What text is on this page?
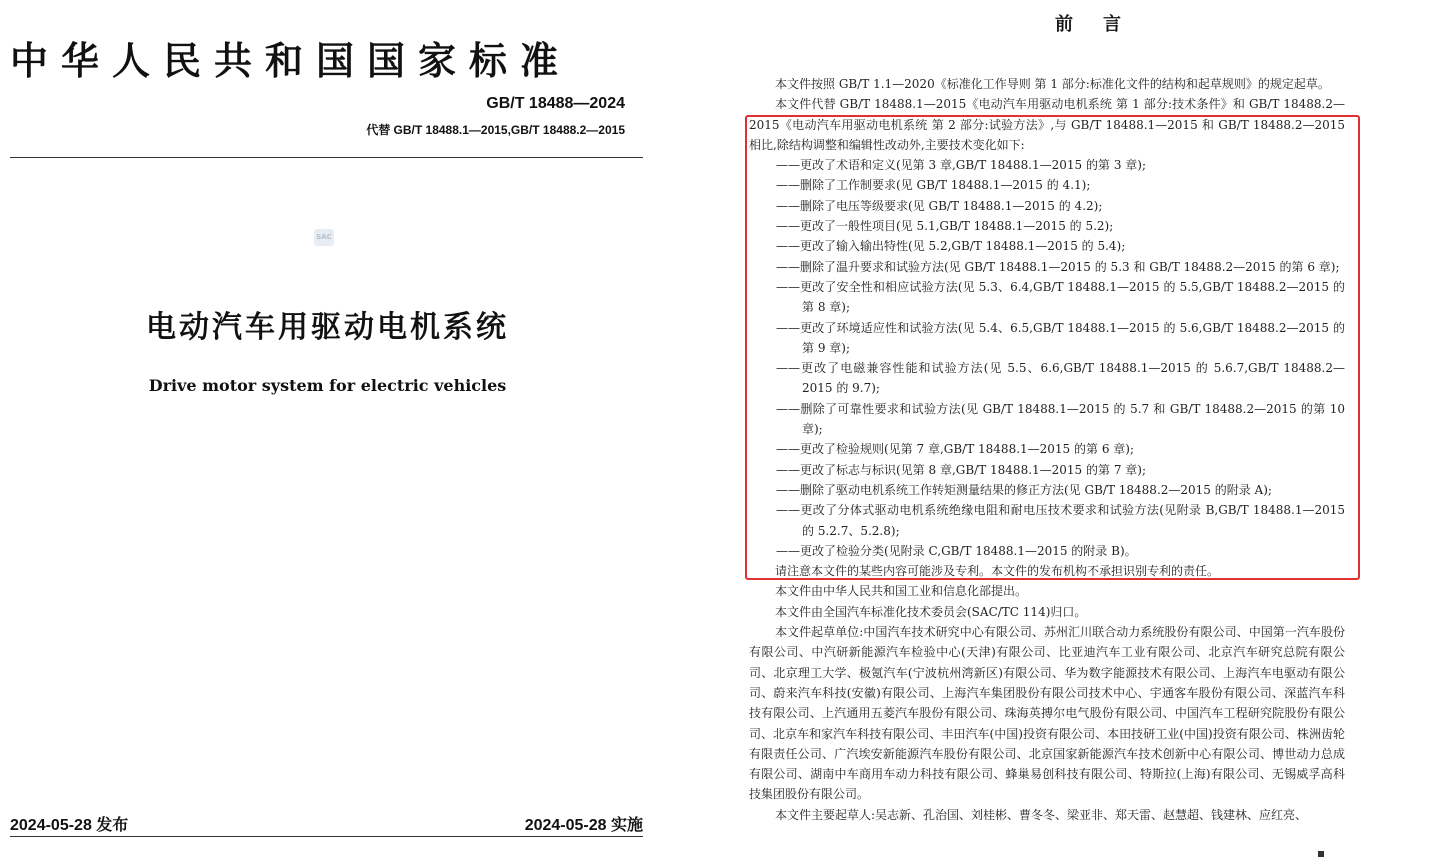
中华人民共和国国家标准

GB/T 18488—2024

代替 GB/T 18488.1—2015,GB/T 18488.2—2015

SAC
电动汽车用驱动电机系统
Drive motor system for electric vehicles

2024-05-28 发布	2024-05-28 实施

前言

本文件按照 GB/T 1.1—2020《标准化工作导则 第 1 部分:标准化文件的结构和起草规则》的规定起草。

本文件代替 GB/T 18488.1—2015《电动汽车用驱动电机系统 第 1 部分:技术条件》和 GB/T 18488.2—2015《电动汽车用驱动电机系统 第 2 部分:试验方法》,与 GB/T 18488.1—2015 和 GB/T 18488.2—2015 相比,除结构调整和编辑性改动外,主要技术变化如下:

——更改了术语和定义(见第 3 章,GB/T 18488.1—2015 的第 3 章);

——删除了工作制要求(见 GB/T 18488.1—2015 的 4.1);

——删除了电压等级要求(见 GB/T 18488.1—2015 的 4.2);

——更改了一般性项目(见 5.1,GB/T 18488.1—2015 的 5.2);

——更改了输入输出特性(见 5.2,GB/T 18488.1—2015 的 5.4);

——删除了温升要求和试验方法(见 GB/T 18488.1—2015 的 5.3 和 GB/T 18488.2—2015 的第 6 章);

——更改了安全性和相应试验方法(见 5.3、6.4,GB/T 18488.1—2015 的 5.5,GB/T 18488.2—2015 的第 8 章);

——更改了环境适应性和试验方法(见 5.4、6.5,GB/T 18488.1—2015 的 5.6,GB/T 18488.2—2015 的第 9 章);

——更改了电磁兼容性能和试验方法(见 5.5、6.6,GB/T 18488.1—2015 的 5.6.7,GB/T 18488.2—2015 的 9.7);

——删除了可靠性要求和试验方法(见 GB/T 18488.1—2015 的 5.7 和 GB/T 18488.2—2015 的第 10 章);

——更改了检验规则(见第 7 章,GB/T 18488.1—2015 的第 6 章);

——更改了标志与标识(见第 8 章,GB/T 18488.1—2015 的第 7 章);

——删除了驱动电机系统工作转矩测量结果的修正方法(见 GB/T 18488.2—2015 的附录 A);

——更改了分体式驱动电机系统绝缘电阻和耐电压技术要求和试验方法(见附录 B,GB/T 18488.1—2015 的 5.2.7、5.2.8);

——更改了检验分类(见附录 C,GB/T 18488.1—2015 的附录 B)。

请注意本文件的某些内容可能涉及专利。本文件的发布机构不承担识别专利的责任。

本文件由中华人民共和国工业和信息化部提出。

本文件由全国汽车标准化技术委员会(SAC/TC 114)归口。

本文件起草单位:中国汽车技术研究中心有限公司、苏州汇川联合动力系统股份有限公司、中国第一汽车股份有限公司、中汽研新能源汽车检验中心(天津)有限公司、比亚迪汽车工业有限公司、北京汽车研究总院有限公司、北京理工大学、极氪汽车(宁波杭州湾新区)有限公司、华为数字能源技术有限公司、上海汽车电驱动有限公司、蔚来汽车科技(安徽)有限公司、上海汽车集团股份有限公司技术中心、宇通客车股份有限公司、深蓝汽车科技有限公司、上汽通用五菱汽车股份有限公司、珠海英搏尔电气股份有限公司、中国汽车工程研究院股份有限公司、北京车和家汽车科技有限公司、丰田汽车(中国)投资有限公司、本田技研工业(中国)投资有限公司、株洲齿轮有限责任公司、广汽埃安新能源汽车股份有限公司、北京国家新能源汽车技术创新中心有限公司、博世动力总成有限公司、湖南中车商用车动力科技有限公司、蜂巢易创科技有限公司、特斯拉(上海)有限公司、无锡威孚高科技集团股份有限公司。

本文件主要起草人:吴志新、孔治国、刘桂彬、曹冬冬、梁亚非、郑天雷、赵慧超、钱建林、应红亮、
